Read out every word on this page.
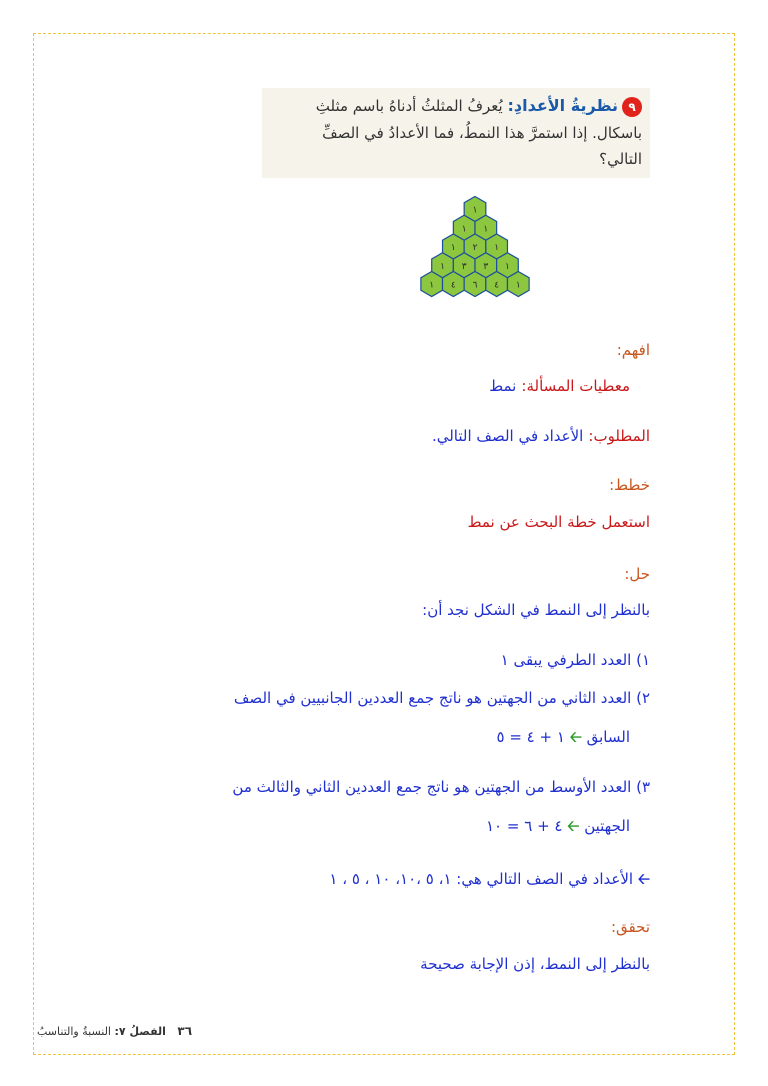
٩نظريةُ الأعدادِ: يُعرفُ المثلثُ أدناهُ باسم مثلثِ
باسكال. إذا استمرَّ هذا النمطُ، فما الأعدادُ في الصفِّ
التالي؟
١
١ ١
١ ٢ ١
١ ٣ ٣ ١
١ ٤ ٦ ٤ ١
افهم:
معطيات المسألة: نمط
المطلوب: الأعداد في الصف التالي.
خطط:
استعمل خطة البحث عن نمط
حل:
بالنظر إلى النمط في الشكل نجد أن:
١) العدد الطرفي يبقى ١
٢) العدد الثاني من الجهتين هو ناتج جمع العددين الجانبيين في الصف
السابق 🡠 ١ + ٤ = ٥
٣) العدد الأوسط من الجهتين هو ناتج جمع العددين الثاني والثالث من
الجهتين 🡠 ٤ + ٦ = ١٠
🡠 الأعداد في الصف التالي هي: ١، ٥ ،١٠، ١٠ ، ٥ ، ١
تحقق:
بالنظر إلى النمط، إذن الإجابة صحيحة
٣٦ الفصلُ ٧: النسبةُ والتناسبُ
